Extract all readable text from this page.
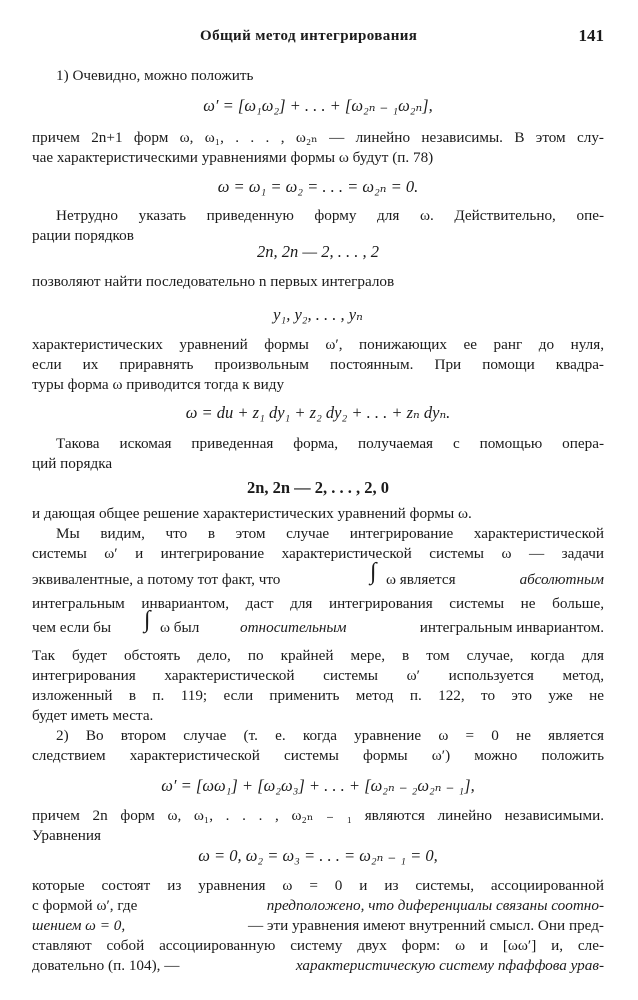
Общий метод интегрирования	141
1) Очевидно, можно положить
ω′ = [ω₁ω₂] + . . . + [ω₂ₙ ₋ ₁ω₂ₙ],
причем 2n+1 форм ω, ω₁, . . . , ω₂ₙ — линейно независимы. В этом слу-
чае характеристическими уравнениями формы ω будут (п. 78)
ω = ω₁ = ω₂ = . . . = ω₂ₙ = 0.
Нетрудно указать приведенную форму для ω. Действительно, опе-
рации порядков
2n, 2n — 2, . . . , 2
позволяют найти последовательно n первых интегралов
y₁, y₂, . . . , yₙ
характеристических уравнений формы ω′, понижающих ее ранг до нуля,
если их приравнять произвольным постоянным. При помощи квадра-
туры форма ω приводится тогда к виду
ω = du + z₁ dy₁ + z₂ dy₂ + . . . + zₙ dyₙ.
Такова искомая приведенная форма, получаемая с помощью опера-
ций порядка
2n, 2n — 2, . . . , 2, 0
и дающая общее решение характеристических уравнений формы ω.
Мы видим, что в этом случае интегрирование характеристической
системы ω′ и интегрирование характеристической системы ω — задачи
эквивалентные, а потому тот факт, что	∫ ω является	абсолютным
интегральным инвариантом, даст для интегрирования системы не больше,
чем если бы ∫ ω был	относительным	интегральным инвариантом.
Так будет обстоять дело, по крайней мере, в том случае, когда для
интегрирования характеристической системы ω′ используется метод,
изложенный в п. 119; если применить метод п. 122, то это уже не
будет иметь места.
2) Во втором случае (т. е. когда уравнение ω = 0 не является
следствием характеристической системы формы ω′) можно положить
ω′ = [ωω₁] + [ω₂ω₃] + . . . + [ω₂ₙ ₋ ₂ω₂ₙ ₋ ₁],
причем 2n форм ω, ω₁, . . . , ω₂ₙ ₋ ₁ являются линейно независимыми.
Уравнения
ω = 0, ω₂ = ω₃ = . . . = ω₂ₙ ₋ ₁ = 0,
которые состоят из уравнения ω = 0 и из системы, ассоциированной
с формой ω′, где	предположено, что диференциалы связаны соотно-
шением ω = 0,	— эти уравнения имеют внутренний смысл. Они пред-
ставляют собой ассоциированную систему двух форм: ω и [ωω′] и, сле-
довательно (п. 104), —	характеристическую систему пфаффова урав-
